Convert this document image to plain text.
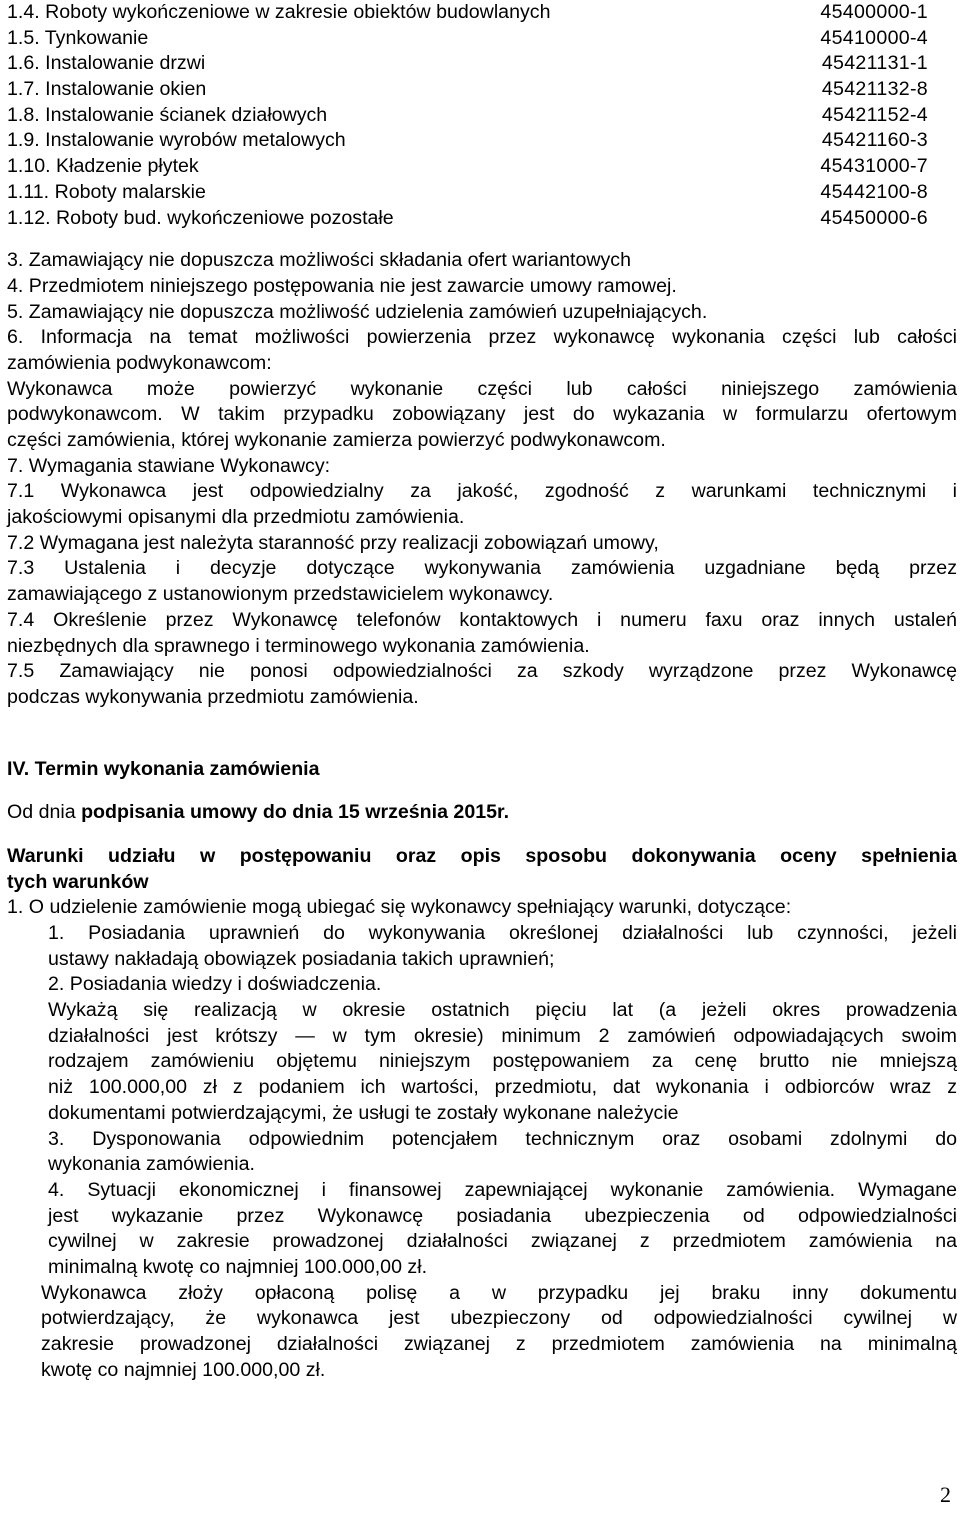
1.4. Roboty wykończeniowe w zakresie obiektów budowlanych	45400000-1
1.5. Tynkowanie	45410000-4
1.6. Instalowanie drzwi	45421131-1
1.7. Instalowanie okien	45421132-8
1.8. Instalowanie ścianek działowych	45421152-4
1.9. Instalowanie wyrobów metalowych	45421160-3
1.10. Kładzenie płytek	45431000-7
1.11. Roboty malarskie	45442100-8
1.12. Roboty bud. wykończeniowe pozostałe	45450000-6
3. Zamawiający nie dopuszcza możliwości składania ofert wariantowych
4. Przedmiotem niniejszego postępowania nie jest zawarcie umowy ramowej.
5. Zamawiający nie dopuszcza możliwość udzielenia zamówień uzupełniających.
6. Informacja na temat możliwości powierzenia przez wykonawcę wykonania części lub całości
zamówienia podwykonawcom:
Wykonawca może powierzyć wykonanie części lub całości niniejszego zamówienia
podwykonawcom. W takim przypadku zobowiązany jest do wykazania w formularzu ofertowym
części zamówienia, której wykonanie zamierza powierzyć podwykonawcom.
7. Wymagania stawiane Wykonawcy:
7.1 Wykonawca jest odpowiedzialny za jakość, zgodność z warunkami technicznymi i
jakościowymi opisanymi dla przedmiotu zamówienia.
7.2 Wymagana jest należyta staranność przy realizacji zobowiązań umowy,
7.3 Ustalenia i decyzje dotyczące wykonywania zamówienia uzgadniane będą przez
zamawiającego z ustanowionym przedstawicielem wykonawcy.
7.4 Określenie przez Wykonawcę telefonów kontaktowych i numeru faxu oraz innych ustaleń
niezbędnych dla sprawnego i terminowego wykonania zamówienia.
7.5 Zamawiający nie ponosi odpowiedzialności za szkody wyrządzone przez Wykonawcę
podczas wykonywania przedmiotu zamówienia.
IV. Termin wykonania zamówienia
Od dnia podpisania umowy do dnia 15 września 2015r.
Warunki udziału w postępowaniu oraz opis sposobu dokonywania oceny spełnienia
tych warunków
1. O udzielenie zamówienie mogą ubiegać się wykonawcy spełniający warunki, dotyczące:
1. Posiadania uprawnień do wykonywania określonej działalności lub czynności, jeżeli
ustawy nakładają obowiązek posiadania takich uprawnień;
2. Posiadania wiedzy i doświadczenia.
Wykażą się realizacją w okresie ostatnich pięciu lat (a jeżeli okres prowadzenia
działalności jest krótszy — w tym okresie) minimum 2 zamówień odpowiadających swoim
rodzajem zamówieniu objętemu niniejszym postępowaniem za cenę brutto nie mniejszą
niż 100.000,00 zł z podaniem ich wartości, przedmiotu, dat wykonania i odbiorców wraz z
dokumentami potwierdzającymi, że usługi te zostały wykonane należycie
3. Dysponowania odpowiednim potencjałem technicznym oraz osobami zdolnymi do
wykonania zamówienia.
4. Sytuacji ekonomicznej i finansowej zapewniającej wykonanie zamówienia. Wymagane
jest wykazanie przez Wykonawcę posiadania ubezpieczenia od odpowiedzialności
cywilnej w zakresie prowadzonej działalności związanej z przedmiotem zamówienia na
minimalną kwotę co najmniej 100.000,00 zł.
Wykonawca złoży opłaconą polisę a w przypadku jej braku inny dokumentu
potwierdzający, że wykonawca jest ubezpieczony od odpowiedzialności cywilnej w
zakresie prowadzonej działalności związanej z przedmiotem zamówienia na minimalną
kwotę co najmniej 100.000,00 zł.
2
